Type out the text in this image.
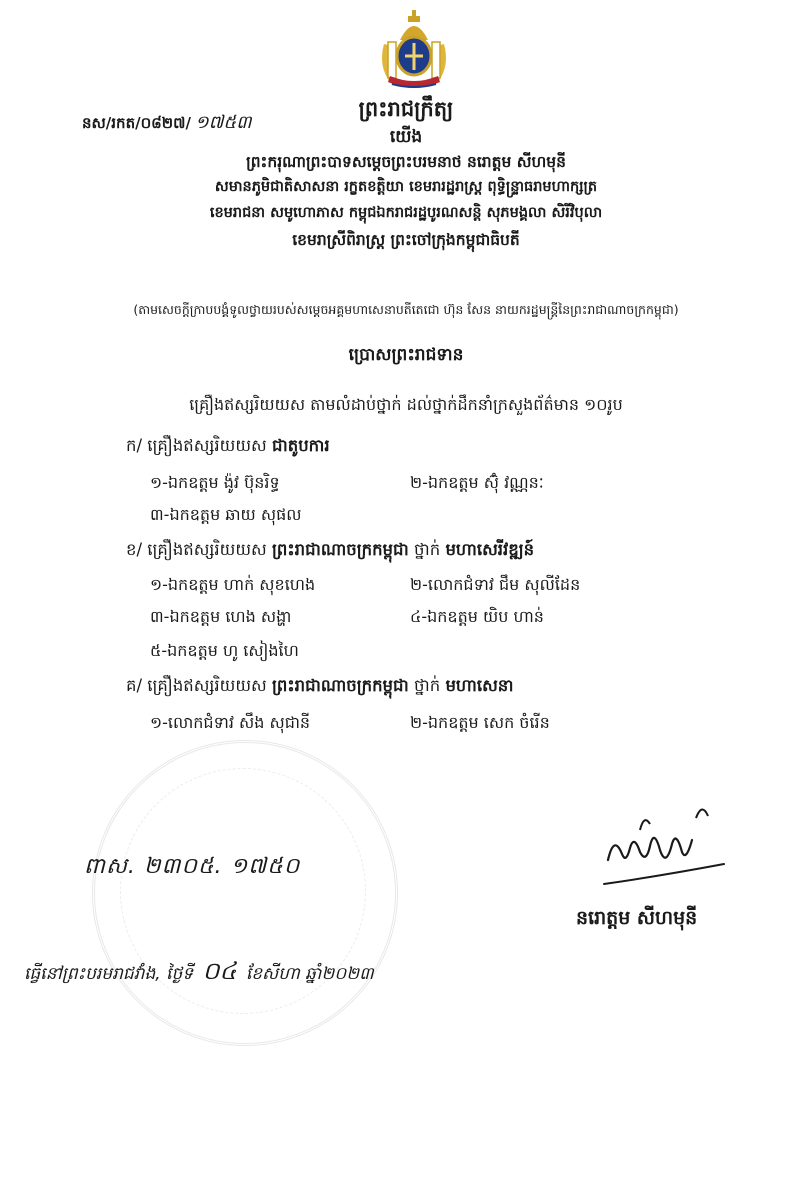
ព្រះរាជក្រឹត្យ
នស/រកត/០៨២៧/ ១៧៥៣
យើង
ព្រះករុណាព្រះបាទសម្តេចព្រះបរមនាថ នរោត្តម សីហមុនី
សមានភូមិជាតិសាសនា រក្ខតខត្តិយា ខេមរារដ្ឋរាស្ត្រ ពុទ្ធិន្ទ្រាធរាមហាក្សត្រ
ខេមរាជនា សមូហោភាស កម្ពុជឯករាជរដ្ឋបូរណសន្តិ សុភមង្គលា សិរីវិបុលា
ខេមរាស្រីពិរាស្ត្រ ព្រះចៅក្រុងកម្ពុជាធិបតី
(តាមសេចក្តីក្រាបបង្គំទូលថ្វាយរបស់សម្តេចអគ្គមហាសេនាបតីតេជោ ហ៊ុន សែន នាយករដ្ឋមន្ត្រីនៃព្រះរាជាណាចក្រកម្ពុជា)
ប្រោសព្រះរាជទាន
គ្រឿងឥស្សរិយយស តាមលំដាប់ថ្នាក់ ដល់ថ្នាក់ដឹកនាំក្រសួងព័ត៌មាន ១០រូប
ក/ គ្រឿងឥស្សរិយយស ជាតូបការ
១-ឯកឧត្តម ង៉ូវ ប៊ុនរិទ្ធ	២-ឯកឧត្តម ស៊ុំ វណ្ណនៈ
៣-ឯកឧត្តម ឆាយ សុផល
ខ/ គ្រឿងឥស្សរិយយស ព្រះរាជាណាចក្រកម្ពុជា ថ្នាក់ មហាសេរីវឌ្ឍន៍
១-ឯកឧត្តម ហាក់ សុខហេង	២-លោកជំទាវ ជឹម សុលីដែន
៣-ឯកឧត្តម ហេង សង្ហា	៤-ឯកឧត្តម យិប ហាន់
៥-ឯកឧត្តម ហូ សៀងហៃ
គ/ គ្រឿងឥស្សរិយយស ព្រះរាជាណាចក្រកម្ពុជា ថ្នាក់ មហាសេនា
១-លោកជំទាវ សឹង សុជានី	២-ឯកឧត្តម សេក ចំរើន
ពាស. ២៣០៥. ១៧៥០
នរោត្តម សីហមុនី
ធ្វើនៅព្រះបរមរាជវាំង, ថ្ងៃទី ០៤ ខែសីហា ឆ្នាំ២០២៣
